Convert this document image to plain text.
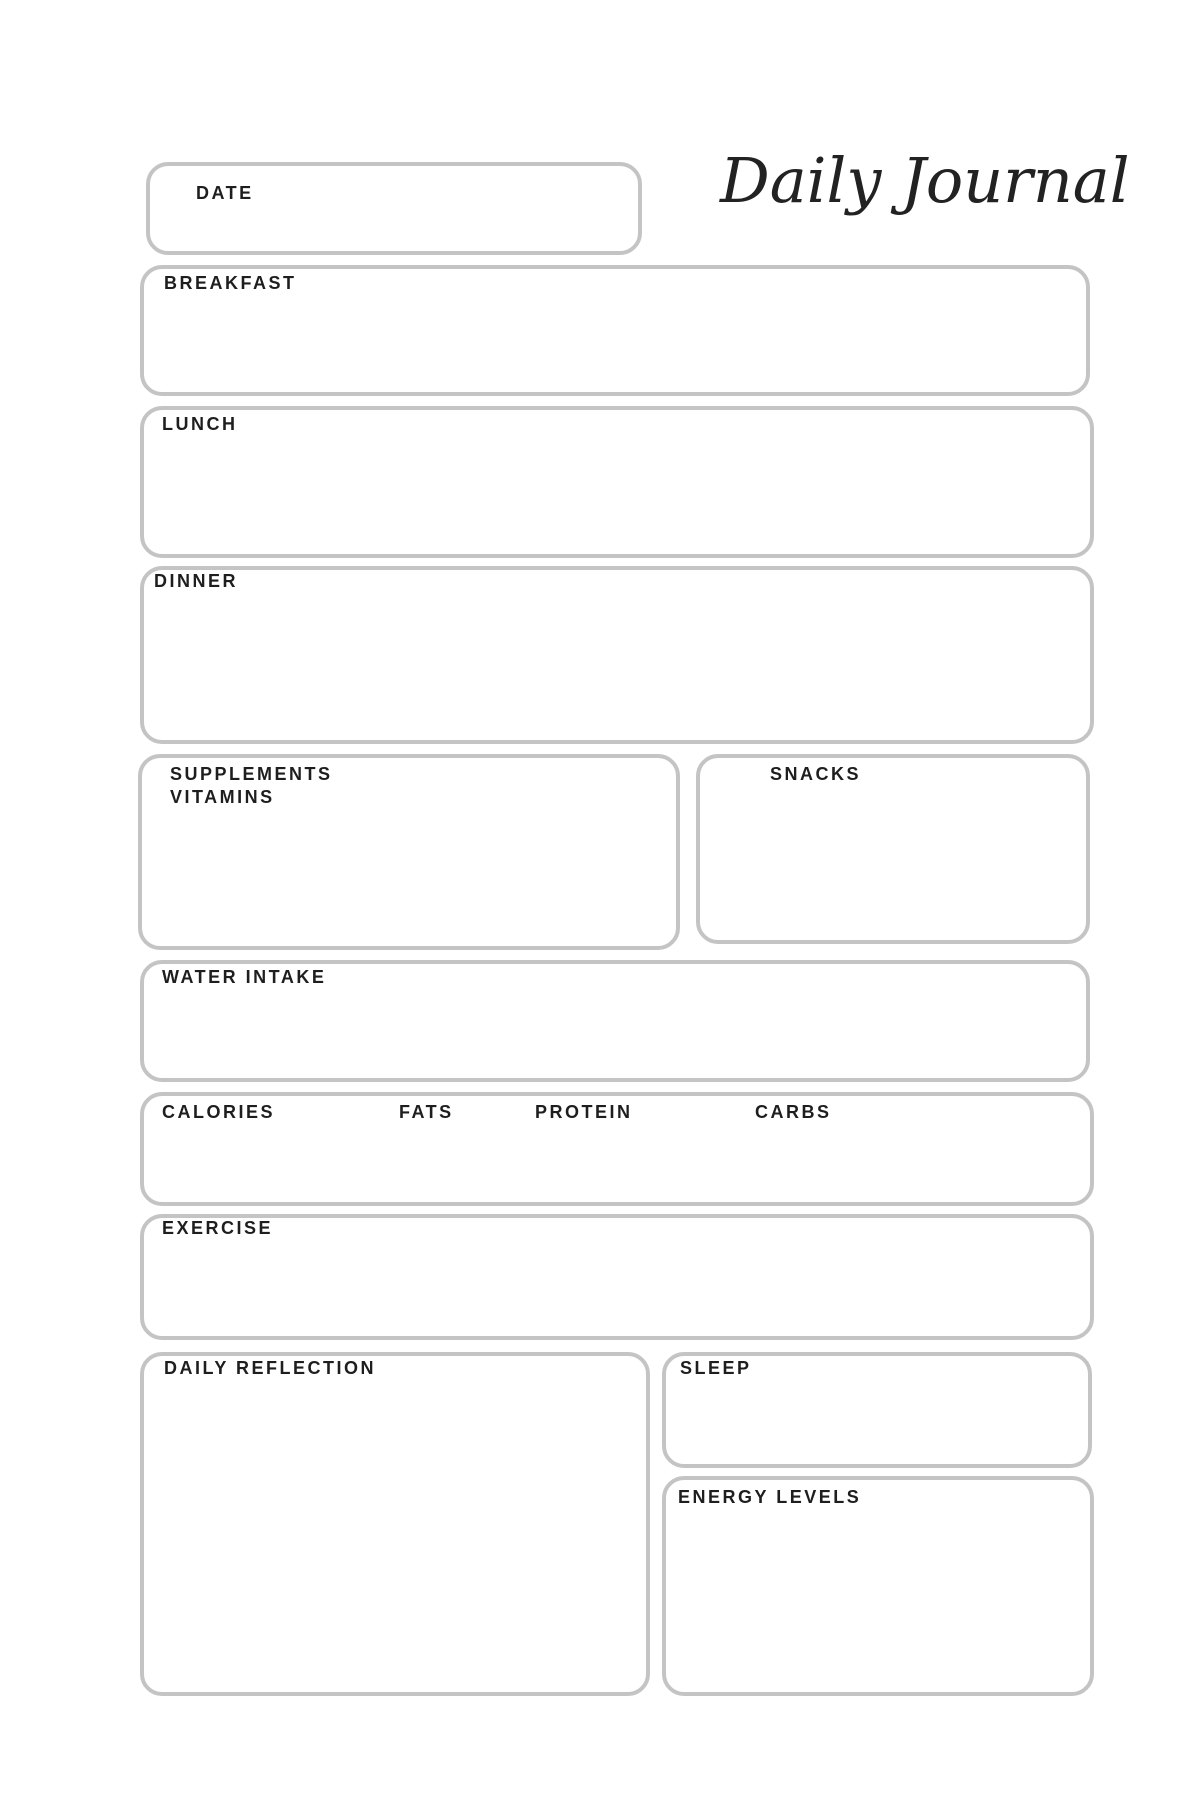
Daily Journal
DATE
BREAKFAST
LUNCH
DINNER
SUPPLEMENTS
VITAMINS
SNACKS
WATER INTAKE
CALORIES	FATS	PROTEIN	CARBS
EXERCISE
DAILY REFLECTION	SLEEP
ENERGY LEVELS
